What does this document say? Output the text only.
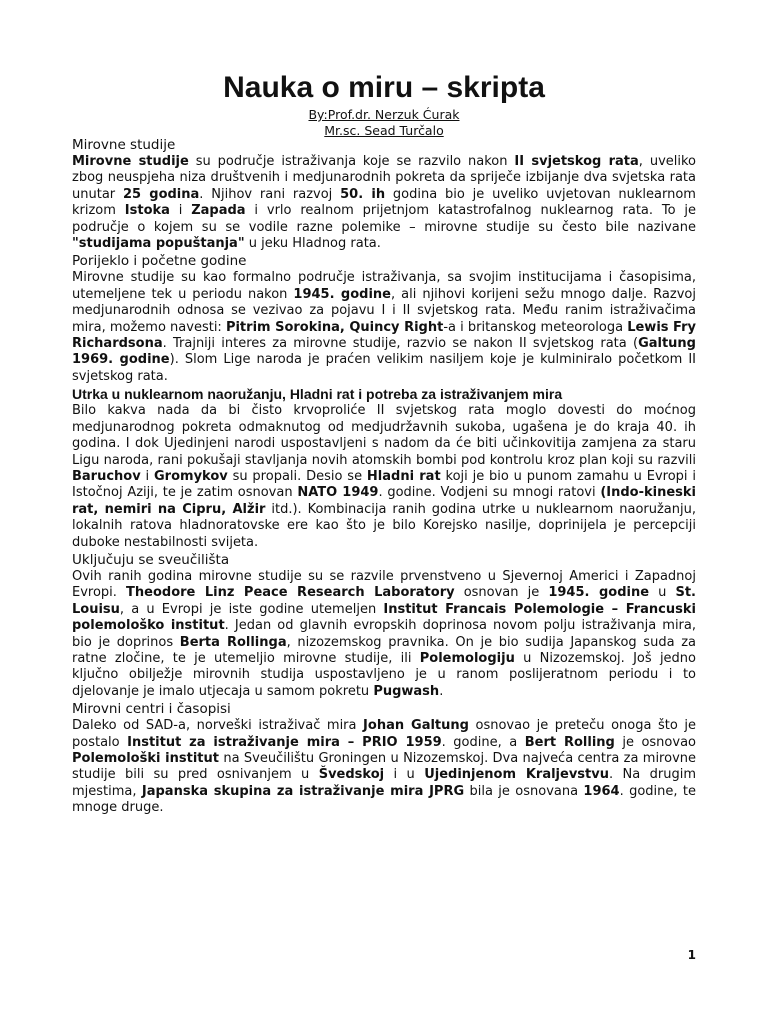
Nauka o miru – skripta
By:Prof.dr. Nerzuk Ćurak
Mr.sc. Sead Turčalo
Mirovne studije

Mirovne studije su područje istraživanja koje se razvilo nakon II svjetskog rata, uveliko zbog neuspjeha niza društvenih i medjunarodnih pokreta da spriječe izbijanje dva svjetska rata unutar 25 godina. Njihov rani razvoj 50. ih godina bio je uveliko uvjetovan nuklearnom krizom Istoka i Zapada i vrlo realnom prijetnjom katastrofalnog nuklearnog rata. To je područje o kojem su se vodile razne polemike – mirovne studije su često bile nazivane "studijama popuštanja" u jeku Hladnog rata.

Porijeklo i početne godine

Mirovne studije su kao formalno područje istraživanja, sa svojim institucijama i časopisima, utemeljene tek u periodu nakon 1945. godine, ali njihovi korijeni sežu mnogo dalje. Razvoj medjunarodnih odnosa se vezivao za pojavu I i II svjetskog rata. Među ranim istraživačima mira, možemo navesti: Pitrim Sorokina, Quincy Right-a i britanskog meteorologa Lewis Fry Richardsona. Trajniji interes za mirovne studije, razvio se nakon II svjetskog rata (Galtung 1969. godine). Slom Lige naroda je praćen velikim nasiljem koje je kulminiralo početkom II svjetskog rata.

Utrka u nuklearnom naoružanju, Hladni rat i potreba za istraživanjem mira

Bilo kakva nada da bi čisto krvoproliće II svjetskog rata moglo dovesti do moćnog medjunarodnog pokreta odmaknutog od medjudržavnih sukoba, ugašena je do kraja 40. ih godina. I dok Ujedinjeni narodi uspostavljeni s nadom da će biti učinkovitija zamjena za staru Ligu naroda, rani pokušaji stavljanja novih atomskih bombi pod kontrolu kroz plan koji su razvili Baruchov i Gromykov su propali. Desio se Hladni rat koji je bio u punom zamahu u Evropi i Istočnoj Aziji, te je zatim osnovan NATO 1949. godine. Vodjeni su mnogi ratovi (Indo-kineski rat, nemiri na Cipru, Alžir itd.). Kombinacija ranih godina utrke u nuklearnom naoružanju, lokalnih ratova hladnoratovske ere kao što je bilo Korejsko nasilje, doprinijela je percepciji duboke nestabilnosti svijeta.

Uključuju se sveučilišta

Ovih ranih godina mirovne studije su se razvile prvenstveno u Sjevernoj Americi i Zapadnoj Evropi. Theodore Linz Peace Research Laboratory osnovan je 1945. godine u St. Louisu, a u Evropi je iste godine utemeljen Institut Francais Polemologie – Francuski polemološko institut. Jedan od glavnih evropskih doprinosa novom polju istraživanja mira, bio je doprinos Berta Rollinga, nizozemskog pravnika. On je bio sudija Japanskog suda za ratne zločine, te je utemeljio mirovne studije, ili Polemologiju u Nizozemskoj. Još jedno ključno obilježje mirovnih studija uspostavljeno je u ranom poslijeratnom periodu i to djelovanje je imalo utjecaja u samom pokretu Pugwash.

Mirovni centri i časopisi

Daleko od SAD-a, norveški istraživač mira Johan Galtung osnovao je preteču onoga što je postalo Institut za istraživanje mira – PRIO 1959. godine, a Bert Rolling je osnovao Polemološki institut na Sveučilištu Groningen u Nizozemskoj. Dva najveća centra za mirovne studije bili su pred osnivanjem u Švedskoj i u Ujedinjenom Kraljevstvu. Na drugim mjestima, Japanska skupina za istraživanje mira JPRG bila je osnovana 1964. godine, te mnoge druge.

1
